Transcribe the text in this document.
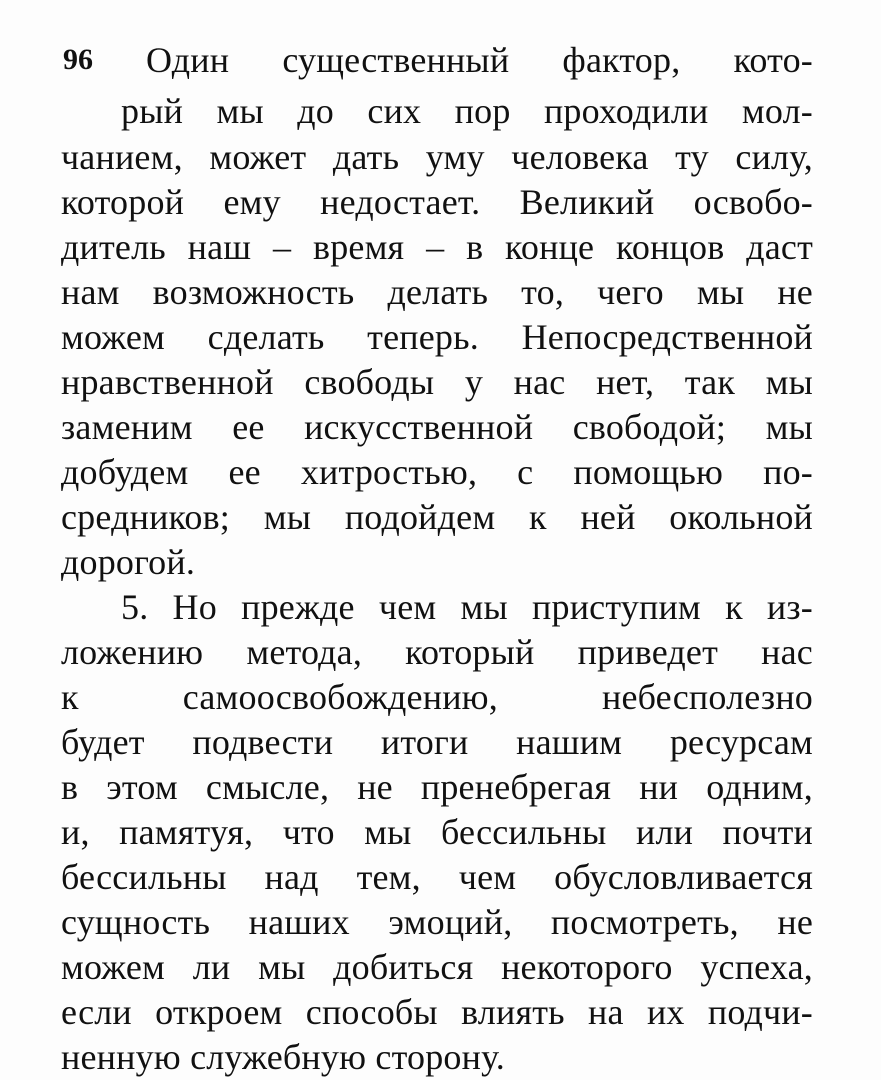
96	Один существенный фактор, кото-
рый мы до сих пор проходили мол-
чанием, может дать уму человека ту силу,
которой ему недостает. Великий освобо-
дитель наш – время – в конце концов даст
нам возможность делать то, чего мы не
можем сделать теперь. Непосредственной
нравственной свободы у нас нет, так мы
заменим ее искусственной свободой; мы
добудем ее хитростью, с помощью по-
средников; мы подойдем к ней окольной
дорогой.
5. Но прежде чем мы приступим к из-
ложению метода, который приведет нас
к самоосвобождению, небесполезно
будет подвести итоги нашим ресурсам
в этом смысле, не пренебрегая ни одним,
и, памятуя, что мы бессильны или почти
бессильны над тем, чем обусловливается
сущность наших эмоций, посмотреть, не
можем ли мы добиться некоторого успеха,
если откроем способы влиять на их подчи-
ненную служебную сторону.
